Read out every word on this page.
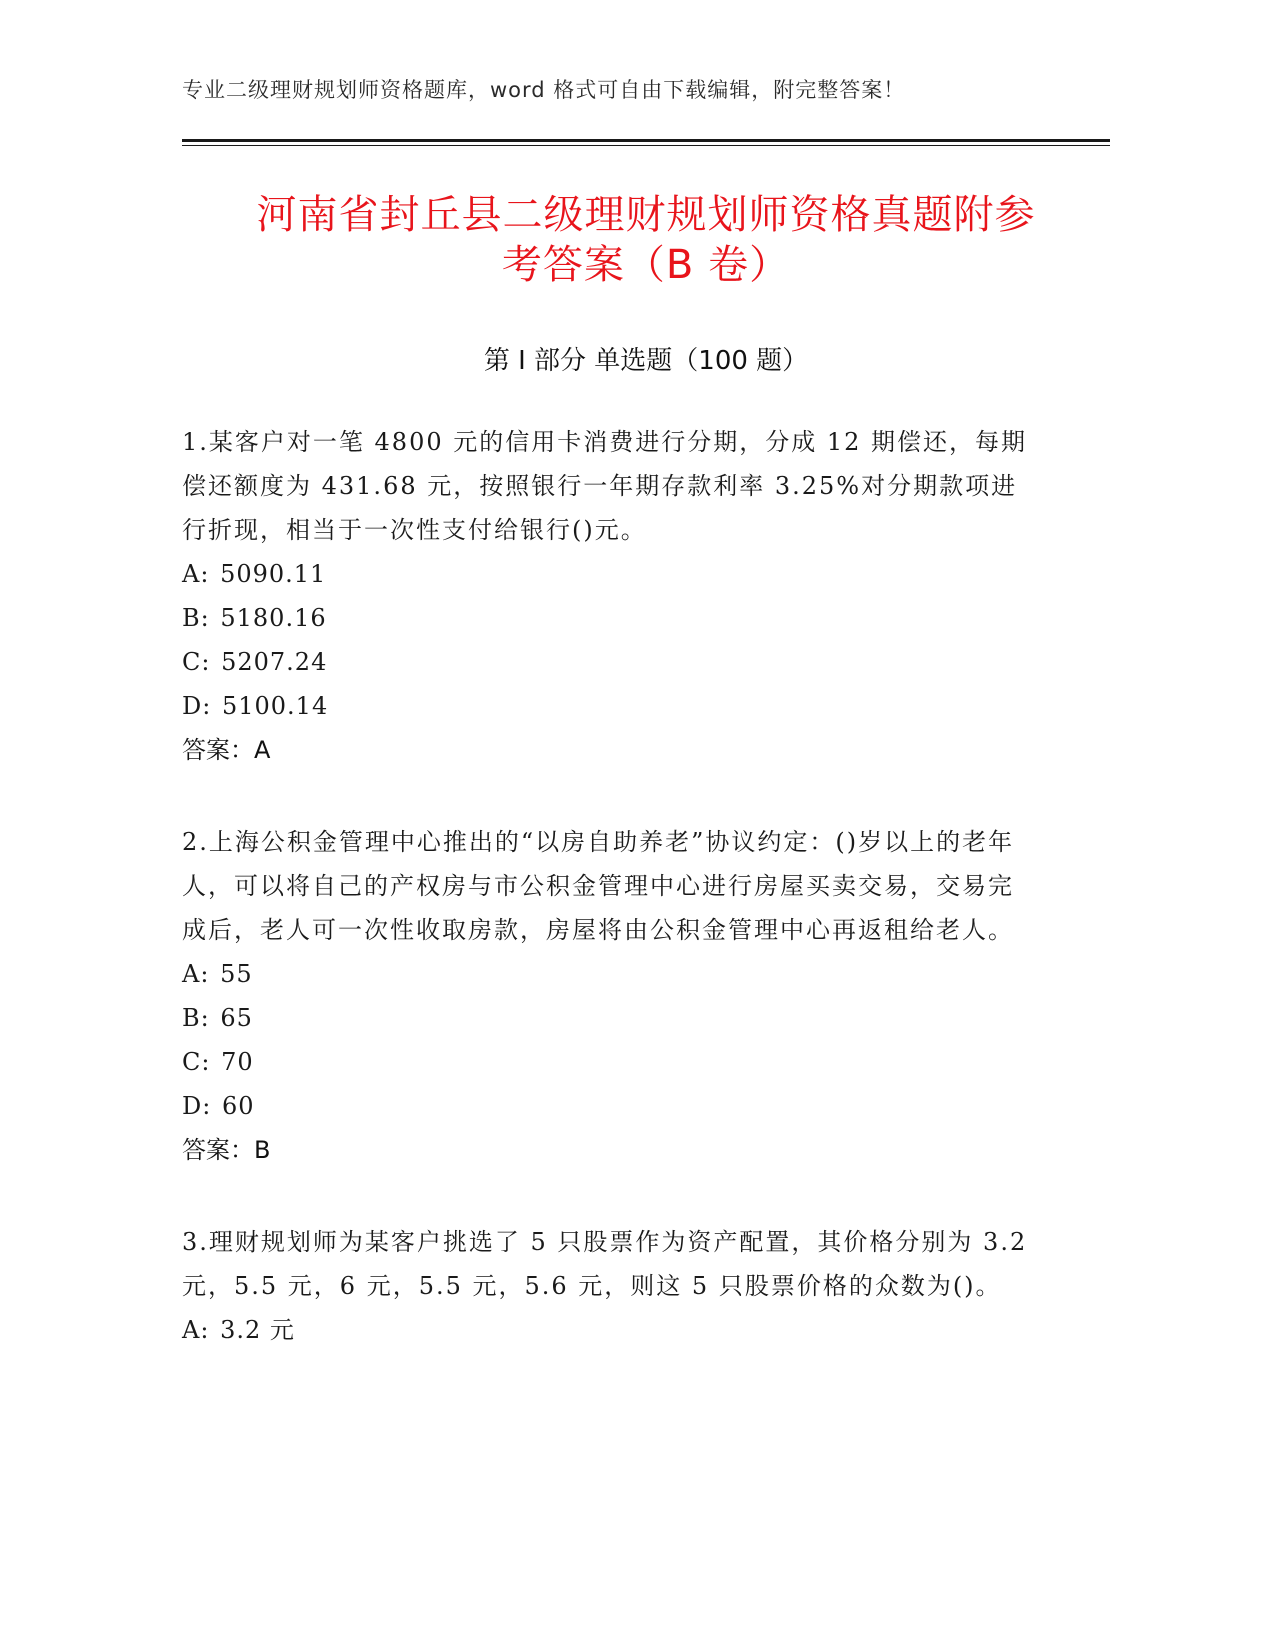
专业二级理财规划师资格题库，word 格式可自由下载编辑，附完整答案！
河南省封丘县二级理财规划师资格真题附参
考答案（B 卷）
第 I 部分 单选题（100 题）

1.某客户对一笔 4800 元的信用卡消费进行分期，分成 12 期偿还，每期偿还额度为 431.68 元，按照银行一年期存款利率 3.25%对分期款项进行折现，相当于一次性支付给银行()元。

A: 5090.11
B: 5180.16
C: 5207.24
D: 5100.14
答案：A

2.上海公积金管理中心推出的“以房自助养老”协议约定：()岁以上的老年人，可以将自己的产权房与市公积金管理中心进行房屋买卖交易，交易完成后，老人可一次性收取房款，房屋将由公积金管理中心再返租给老人。

A: 55
B: 65
C: 70
D: 60
答案：B

3.理财规划师为某客户挑选了 5 只股票作为资产配置，其价格分别为 3.2 元，5.5 元，6 元，5.5 元，5.6 元，则这 5 只股票价格的众数为()。

A: 3.2 元
